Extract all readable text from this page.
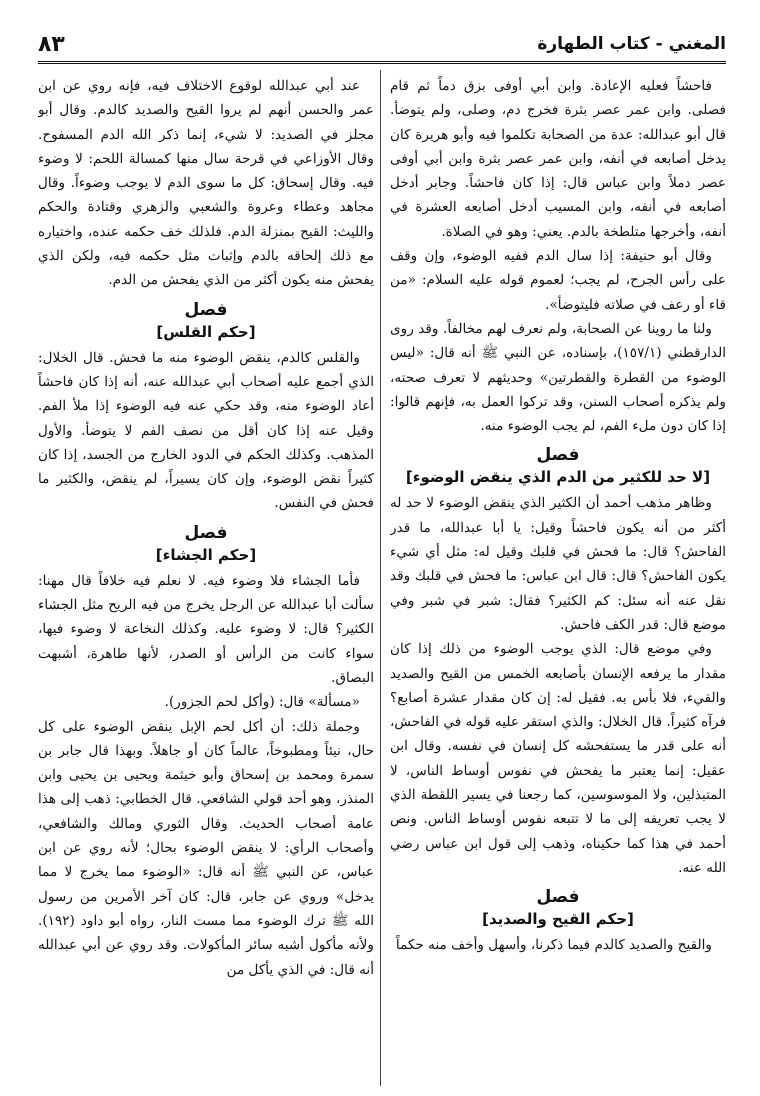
٨٣	المغني - كتاب الطهارة

فاحشاً فعليه الإعادة. وابن أبي أوفى بزق دماً ثم قام فصلى. وابن عمر عصر بثرة فخرج دم، وصلى، ولم يتوضأ. قال أبو عبدالله: عدة من الصحابة تكلموا فيه وأبو هريرة كان يدخل أصابعه في أنفه، وابن عمر عصر بثرة وابن أبي أوفى عصر دملاً وابن عباس قال: إذا كان فاحشاً. وجابر أدخل أصابعه في أنفه، وابن المسيب أدخل أصابعه العشرة في أنفه، وأخرجها متلطخة بالدم. يعني: وهو في الصلاة.

وقال أبو حنيفة: إذا سال الدم ففيه الوضوء، وإن وقف على رأس الجرح، لم يجب؛ لعموم قوله عليه السلام: «من قاء أو رعف في صلاته فليتوضأ».

ولنا ما روينا عن الصحابة، ولم نعرف لهم مخالفاً. وقد روى الدارقطني (١٥٧/١)، بإسناده، عن النبي ﷺ أنه قال: «ليس الوضوء من القطرة والقطرتين» وحديثهم لا تعرف صحته، ولم يذكره أصحاب السنن، وقد تركوا العمل به، فإنهم قالوا: إذا كان دون ملء الفم، لم يجب الوضوء منه.

فصل
[لا حد للكثير من الدم الذي ينقض الوضوء]

وظاهر مذهب أحمد أن الكثير الذي ينقض الوضوء لا حد له أكثر من أنه يكون فاحشاً وقيل: يا أبا عبدالله، ما قدر الفاحش؟ قال: ما فحش في قلبك وقيل له: مثل أي شيء يكون الفاحش؟ قال: قال ابن عباس: ما فحش في قلبك وقد نقل عنه أنه سئل: كم الكثير؟ فقال: شبر في شبر وفي موضع قال: قدر الكف فاحش.

وفي موضع قال: الذي يوجب الوضوء من ذلك إذا كان مقدار ما يرفعه الإنسان بأصابعه الخمس من القيح والصديد والقيء، فلا بأس به. فقيل له: إن كان مقدار عشرة أصابع؟ فرآه كثيراً. قال الخلال: والذي استقر عليه قوله في الفاحش، أنه على قدر ما يستفحشه كل إنسان في نفسه. وقال ابن عقيل: إنما يعتبر ما يفحش في نفوس أوساط الناس، لا المتبذلين، ولا الموسوسين، كما رجعنا في يسير اللقطة الذي لا يجب تعريفه إلى ما لا تتبعه نفوس أوساط الناس. ونص أحمد في هذا كما حكيناه، وذهب إلى قول ابن عباس رضي الله عنه.

فصل
[حكم القيح والصديد]

والقيح والصديد كالدم فيما ذكرنا، وأسهل وأخف منه حكماً

عند أبي عبدالله لوقوع الاختلاف فيه، فإنه روي عن ابن عمر والحسن أنهم لم يروا القيح والصديد كالدم. وقال أبو مجلز في الصديد: لا شيء، إنما ذكر الله الدم المسفوح. وقال الأوزاعي في قرحة سال منها كمسالة اللحم: لا وضوء فيه. وقال إسحاق: كل ما سوى الدم لا يوجب وضوءاً. وقال مجاهد وعطاء وعروة والشعبي والزهري وقتادة والحكم والليث: القيح بمنزلة الدم. فلذلك خف حكمه عنده، واختياره مع ذلك إلحاقه بالدم وإثبات مثل حكمه فيه، ولكن الذي يفحش منه يكون أكثر من الذي يفحش من الدم.

فصل
[حكم القلس]

والقلس كالدم، ينقض الوضوء منه ما فحش. قال الخلال: الذي أجمع عليه أصحاب أبي عبدالله عنه، أنه إذا كان فاحشاً أعاد الوضوء منه، وقد حكي عنه فيه الوضوء إذا ملأ الفم. وقيل عنه إذا كان أقل من نصف الفم لا يتوضأ. والأول المذهب. وكذلك الحكم في الدود الخارج من الجسد، إذا كان كثيراً نقض الوضوء، وإن كان يسيراً، لم ينقض، والكثير ما فحش في النفس.

فصل
[حكم الجشاء]

فأما الجشاء فلا وضوء فيه. لا نعلم فيه خلافاً قال مهنا: سألت أبا عبدالله عن الرجل يخرج من فيه الريح مثل الجشاء الكثير؟ قال: لا وضوء عليه. وكذلك النخاعة لا وضوء فيها، سواء كانت من الرأس أو الصدر، لأنها طاهرة، أشبهت البصاق.

«مسألة» قال: (وأكل لحم الجزور).

وجملة ذلك: أن أكل لحم الإبل ينقض الوضوء على كل حال، نيئاً ومطبوخاً، عالماً كان أو جاهلاً. وبهذا قال جابر بن سمرة ومحمد بن إسحاق وأبو خيثمة ويحيى بن يحيى وابن المنذر، وهو أحد قولي الشافعي. قال الخطابي: ذهب إلى هذا عامة أصحاب الحديث. وقال الثوري ومالك والشافعي، وأصحاب الرأي: لا ينقض الوضوء بحال؛ لأنه روي عن ابن عباس، عن النبي ﷺ أنه قال: «الوضوء مما يخرج لا مما يدخل» وروي عن جابر، قال: كان آخر الأمرين من رسول الله ﷺ ترك الوضوء مما مست النار، رواه أبو داود (١٩٢). ولأنه مأكول أشبه سائر المأكولات. وقد روي عن أبي عبدالله أنه قال: في الذي يأكل من
